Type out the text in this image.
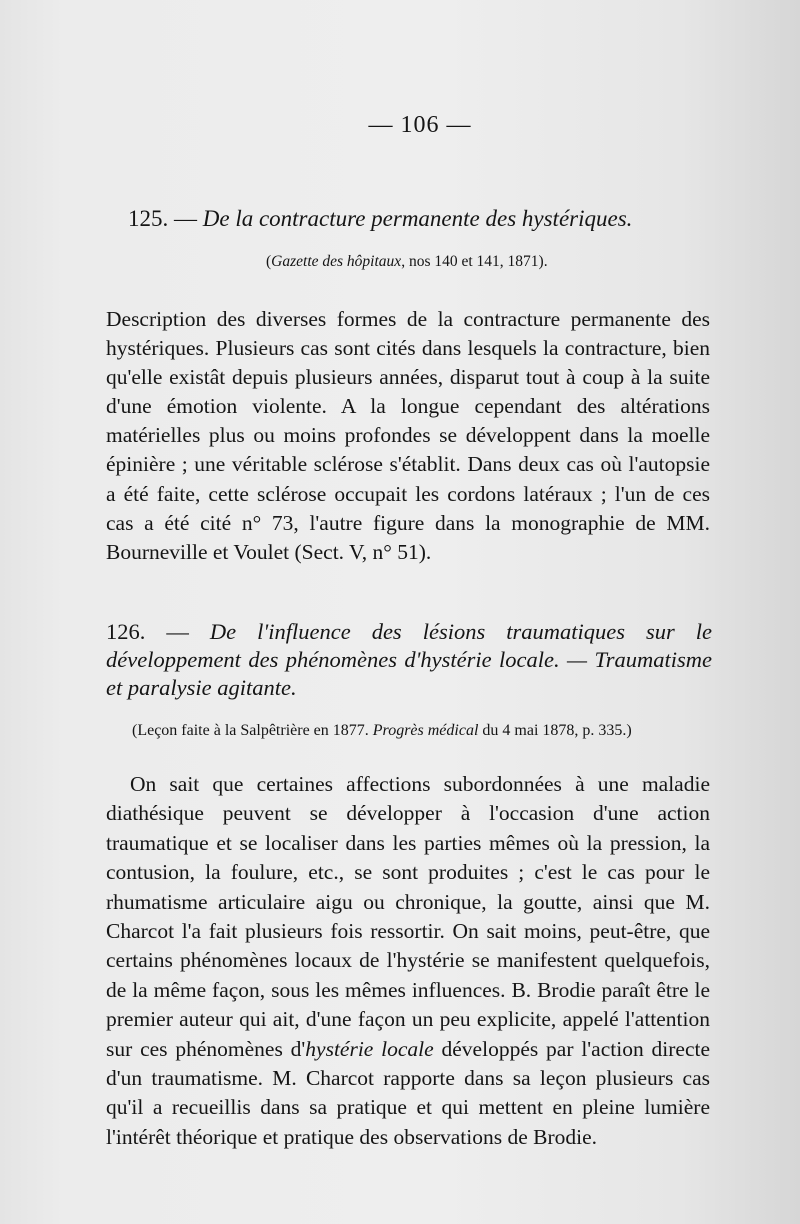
— 106 —
125. — De la contracture permanente des hystériques.
(Gazette des hôpitaux, nos 140 et 141, 1871).

Description des diverses formes de la contracture permanente des hystériques. Plusieurs cas sont cités dans lesquels la contracture, bien qu'elle existât depuis plusieurs années, disparut tout à coup à la suite d'une émotion violente. A la longue cependant des altérations matérielles plus ou moins profondes se développent dans la moelle épinière ; une véritable sclérose s'établit. Dans deux cas où l'autopsie a été faite, cette sclérose occupait les cordons latéraux ; l'un de ces cas a été cité n° 73, l'autre figure dans la monographie de MM. Bourneville et Voulet (Sect. V, n° 51).

126. — De l'influence des lésions traumatiques sur le développement des phénomènes d'hystérie locale. — Traumatisme et paralysie agitante.
(Leçon faite à la Salpêtrière en 1877. Progrès médical du 4 mai 1878, p. 335.)

On sait que certaines affections subordonnées à une maladie diathésique peuvent se développer à l'occasion d'une action traumatique et se localiser dans les parties mêmes où la pression, la contusion, la foulure, etc., se sont produites ; c'est le cas pour le rhumatisme articulaire aigu ou chronique, la goutte, ainsi que M. Charcot l'a fait plusieurs fois ressortir. On sait moins, peut-être, que certains phénomènes locaux de l'hystérie se manifestent quelquefois, de la même façon, sous les mêmes influences. B. Brodie paraît être le premier auteur qui ait, d'une façon un peu explicite, appelé l'attention sur ces phénomènes d'hystérie locale développés par l'action directe d'un traumatisme. M. Charcot rapporte dans sa leçon plusieurs cas qu'il a recueillis dans sa pratique et qui mettent en pleine lumière l'intérêt théorique et pratique des observations de Brodie.
